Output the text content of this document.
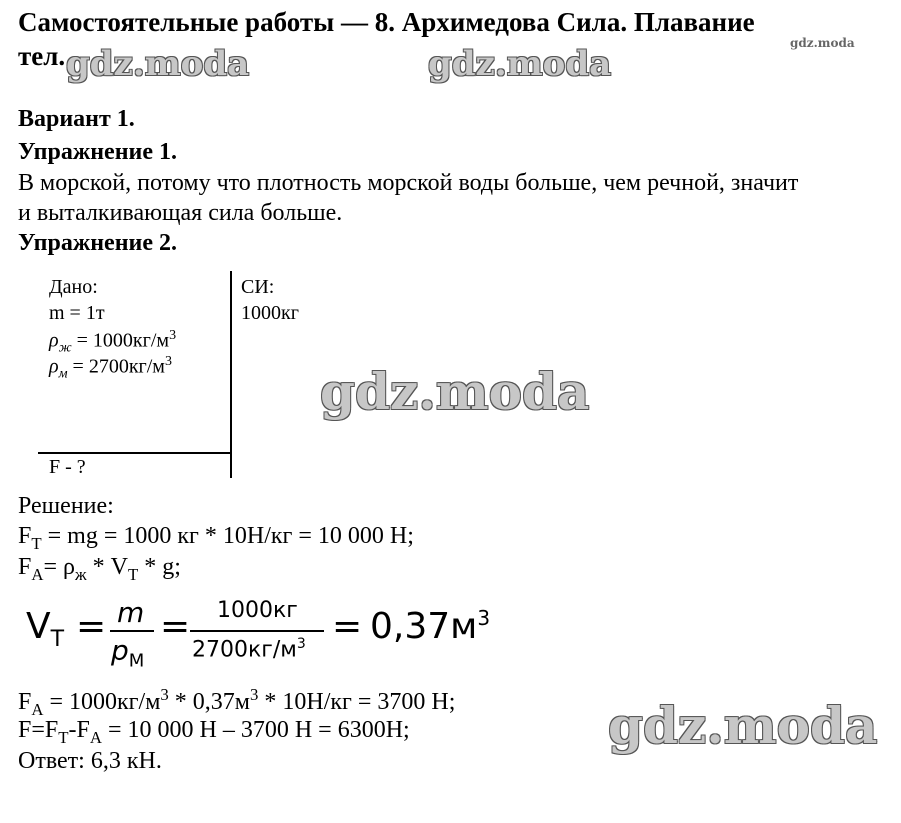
Самостоятельные работы — 8. Архимедова Сила. Плавание
тел. gdz.moda	gdz.moda
gdz.moda
gdz.moda
gdz.moda
Вариант 1.
Упражнение 1.
В морской, потому что плотность морской воды больше, чем речной, значит
и выталкивающая сила больше.
Упражнение 2.
Дано:
m = 1т
$\rho_ж = 1000кг/м^3$
$\rho_м = 2700кг/м^3$
F - ?
СИ:
1000кг
Решение:
$F_T$ = mg = 1000 кг * 10Н/кг = 10 000 Н;
$F_A= \rho_ж * V_T * g$;
$V_T = m$
$p_M$
= 1000кг
$2700кг/м^3 = 0,37м^3$
$F_A = 1000кг/м^3 * 0,37м^3 * 10Н/кг = 3700$ Н;
$F=F_T-F_A = 10$ 000 Н – 3700 Н = 6300Н;
Ответ: 6,3 кН.
